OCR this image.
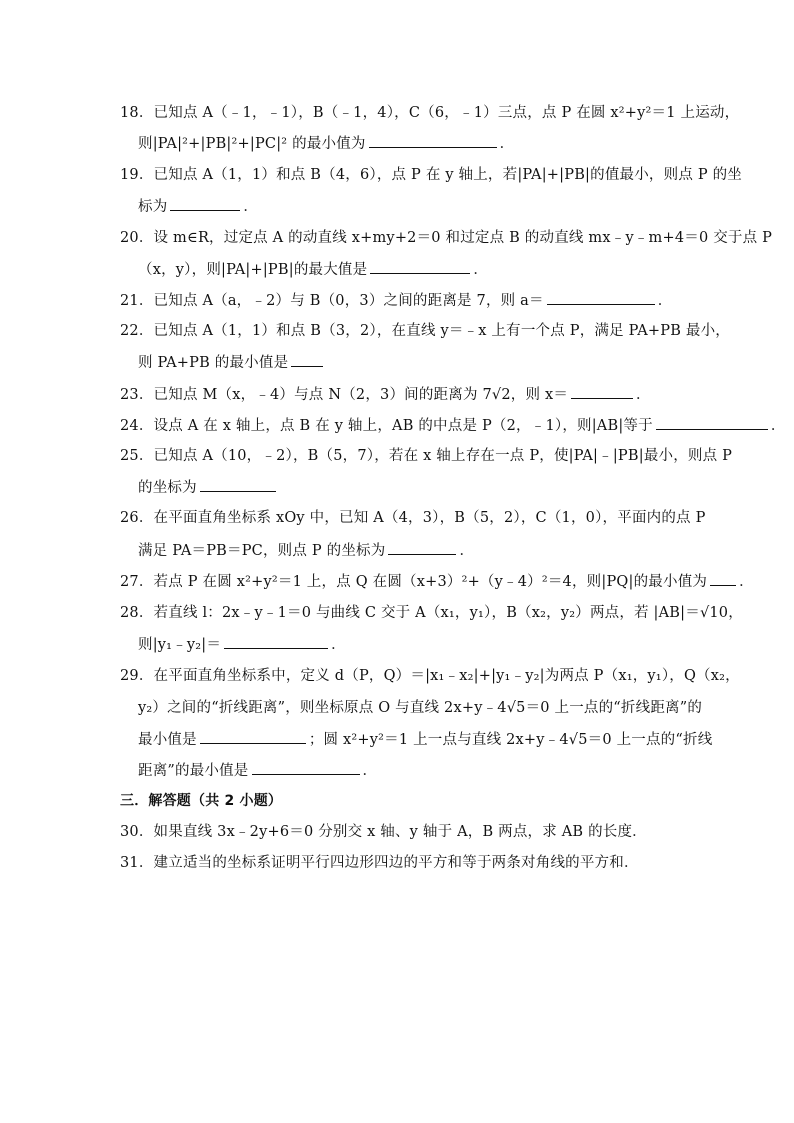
18．已知点 A（﹣1，﹣1），B（﹣1，4），C（6，﹣1）三点，点 P 在圆 x²+y²＝1 上运动，
则|PA|²+|PB|²+|PC|² 的最小值为	．
19．已知点 A（1，1）和点 B（4，6），点 P 在 y 轴上，若|PA|+|PB|的值最小，则点 P 的坐
标为	．
20．设 m∈R，过定点 A 的动直线 x+my+2＝0 和过定点 B 的动直线 mx﹣y﹣m+4＝0 交于点 P
（x，y），则|PA|+|PB|的最大值是	．
21．已知点 A（a，﹣2）与 B（0，3）之间的距离是 7，则 a＝	．
22．已知点 A（1，1）和点 B（3，2），在直线 y＝﹣x 上有一个点 P，满足 PA+PB 最小，
则 PA+PB 的最小值是
23．已知点 M（x，﹣4）与点 N（2，3）间的距离为 7√2，则 x＝	．
24．设点 A 在 x 轴上，点 B 在 y 轴上，AB 的中点是 P（2，﹣1），则|AB|等于	．
25．已知点 A（10，﹣2），B（5，7），若在 x 轴上存在一点 P，使|PA|﹣|PB|最小，则点 P
的坐标为
26．在平面直角坐标系 xOy 中，已知 A（4，3），B（5，2），C（1，0），平面内的点 P
满足 PA＝PB＝PC，则点 P 的坐标为	．
27．若点 P 在圆 x²+y²＝1 上，点 Q 在圆（x+3）²+（y﹣4）²＝4，则|PQ|的最小值为 ．
28．若直线 l：2x﹣y﹣1＝0 与曲线 C 交于 A（x₁，y₁），B（x₂，y₂）两点，若 |AB|＝√10，
则|y₁﹣y₂|＝	．
29．在平面直角坐标系中，定义 d（P，Q）＝|x₁﹣x₂|+|y₁﹣y₂|为两点 P（x₁，y₁），Q（x₂，
y₂）之间的“折线距离”，则坐标原点 O 与直线 2x+y﹣4√5＝0 上一点的“折线距离”的
最小值是	；圆 x²+y²＝1 上一点与直线 2x+y﹣4√5＝0 上一点的“折线
距离”的最小值是	．
三．解答题（共 2 小题）
30．如果直线 3x﹣2y+6＝0 分别交 x 轴、y 轴于 A，B 两点，求 AB 的长度．
31．建立适当的坐标系证明平行四边形四边的平方和等于两条对角线的平方和．
